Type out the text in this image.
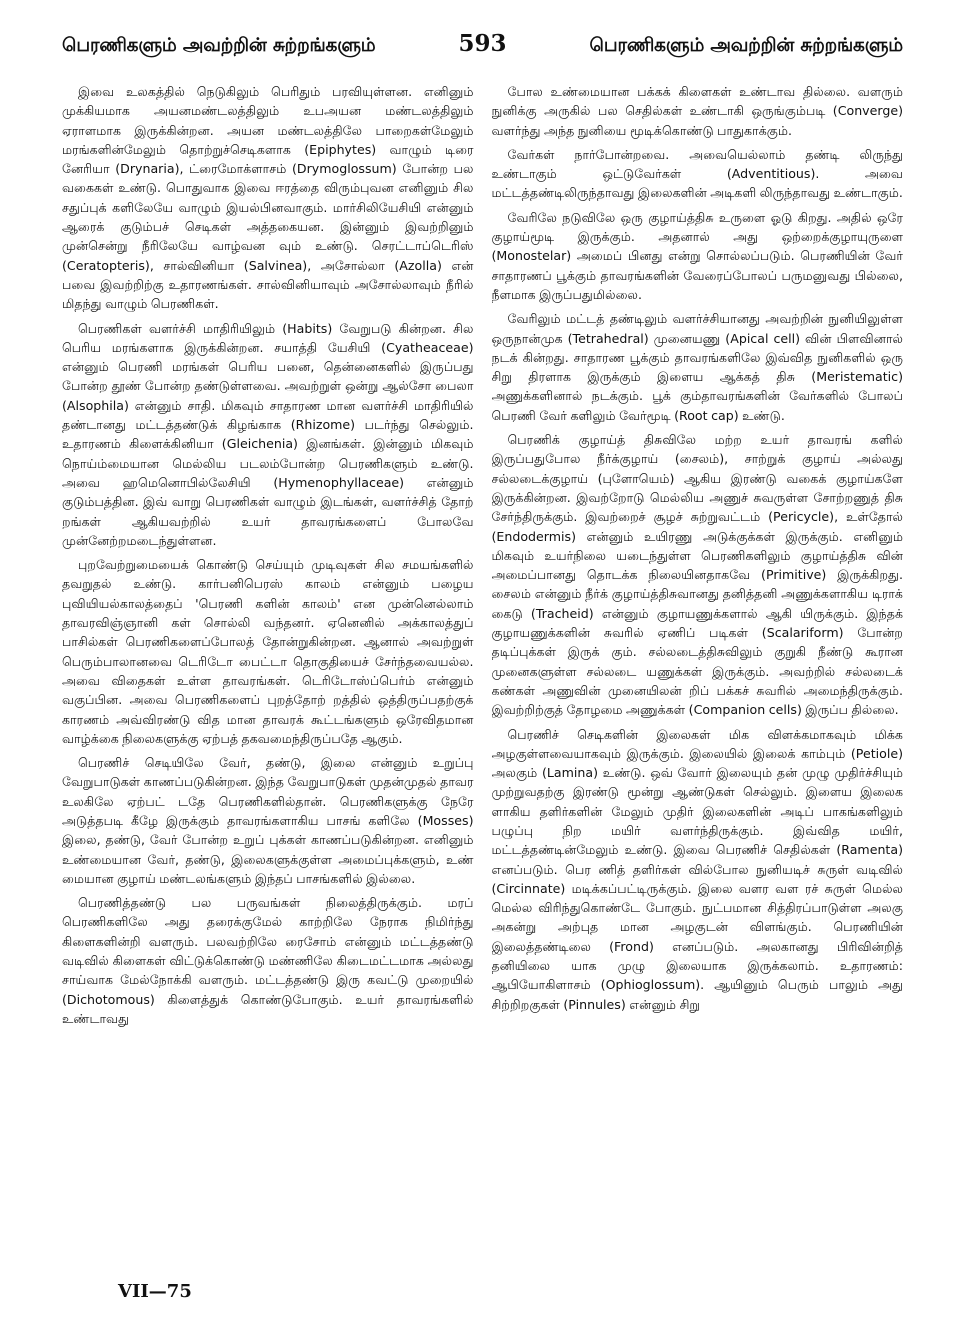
பெரணிகளும் அவற்றின் சுற்றங்களும்	593	பெரணிகளும் அவற்றின் சுற்றங்களும்

இவை உலகத்தில் நெடுகிலும் பெரிதும் பரவியுள்ளன. எனினும் முக்கியமாக அயனமண்டலத்திலும் உபஅயன மண்டலத்திலும் ஏராளமாக இருக்கின்றன. அயன மண்டலத்திலே பாறைகள்மேலும் மரங்களின்மேலும் தொற்றுச்செடிகளாக (Epiphytes) வாழும் டிரை னேரியா (Drynaria), ட்ரைமோக்ளாசம் (Drymoglossum) போன்ற பல வகைகள் உண்டு. பொதுவாக இவை ஈரத்தை விரும்புவன எனினும் சில சதுப்புக் களிலேயே வாழும் இயல்பினவாகும். மார்சிலியேசியி என்னும் ஆரைக் குடும்பச் செடிகள் அத்தகையன. இன்னும் இவற்றினும் முன்சென்று நீரிலேயே வாழ்வன வும் உண்டு. செரட்டாப்டெரிஸ் (Ceratopteris), சால்வினியா (Salvinea), அசோல்லா (Azolla) என் பவை இவற்றிற்கு உதாரணங்கள். சால்வினியாவும் அசோல்லாவும் நீரில் மிதந்து வாழும் பெரணிகள்.

பெரணிகள் வளர்ச்சி மாதிரியிலும் (Habits) வேறுபடு கின்றன. சில பெரிய மரங்களாக இருக்கின்றன. சயாத்தி யேசியி (Cyatheaceae) என்னும் பெரணி மரங்கள் பெரிய பனை, தென்னைகளில் இருப்பது போன்ற தூண் போன்ற தண்டுள்ளவை. அவற்றுள் ஒன்று ஆல்சோ பைலா (Alsophila) என்னும் சாதி. மிகவும் சாதாரண மான வளர்ச்சி மாதிரியில் தண்டானது மட்டத்தண்டுக் கிழங்காக (Rhizome) படர்ந்து செல்லும். உதாரணம் கிளைக்கினியா (Gleichenia) இனங்கள். இன்னும் மிகவும் நொய்ம்மையான மெல்லிய படலம்போன்ற பெரணிகளும் உண்டு. அவை ஹமெனொபில்லேசியி (Hymenophyllaceae) என்னும் குடும்பத்தின. இவ் வாறு பெரணிகள் வாழும் இடங்கள், வளர்ச்சித் தோற் றங்கள் ஆகியவற்றில் உயர் தாவரங்களைப் போலவே முன்னேற்றமடைந்துள்ளன.

புறவேற்றுமையைக் கொண்டு செய்யும் முடிவுகள் சில சமயங்களில் தவறுதல் உண்டு. கார்பனிபெரஸ் காலம் என்னும் பழைய புவியியல்காலத்தைப் 'பெரணி களின் காலம்' என முன்னெல்லாம் தாவரவிஞ்ஞானி கள் சொல்லி வந்தனர். ஏனெனில் அக்காலத்துப் பாசில்கள் பெரணிகளைப்போலத் தோன்றுகின்றன. ஆனால் அவற்றுள் பெரும்பாலானவை டெரிடோ பைட்டா தொகுதியைச் சேர்ந்தவையல்ல. அவை விதைகள் உள்ள தாவரங்கள். டெரிடோஸ்ப்பெர்ம் என்னும் வகுப்பின. அவை பெரணிகளைப் புறத்தோற் றத்தில் ஒத்திருப்பதற்குக் காரணம் அவ்விரண்டு வித மான தாவரக் கூட்டங்களும் ஒரேவிதமான வாழ்க்கை நிலைகளுக்கு ஏற்பத் தகவமைந்திருப்பதே ஆகும்.

பெரணிச் செடியிலே வேர், தண்டு, இலை என்னும் உறுப்பு வேறுபாடுகள் காணப்படுகின்றன. இந்த வேறுபாடுகள் முதன்முதல் தாவர உலகிலே ஏற்பட் டதே பெரணிகளில்தான். பெரணிகளுக்கு நேரே அடுத்தபடி கீழே இருக்கும் தாவரங்களாகிய பாசங் களிலே (Mosses) இலை, தண்டு, வேர் போன்ற உறுப் புக்கள் காணப்படுகின்றன. எனினும் உண்மையான வேர், தண்டு, இலைகளுக்குள்ள அமைப்புக்களும், உண் மையான குழாய் மண்டலங்களும் இந்தப் பாசங்களில் இல்லை.

பெரணித்தண்டு பல பருவங்கள் நிலைத்திருக்கும். மரப் பெரணிகளிலே அது தரைக்குமேல் காற்றிலே நேராக நிமிர்ந்து கிளைகளின்றி வளரும். பலவற்றிலே ரைசோம் என்னும் மட்டத்தண்டு வடிவில் கிளைகள் விட்டுக்கொண்டு மண்ணிலே கிடைமட்டமாக அல்லது சாய்வாக மேல்நோக்கி வளரும். மட்டத்தண்டு இரு கவட்டு முறையில் (Dichotomous) கிளைத்துக் கொண்டுபோகும். உயர் தாவரங்களில் உண்டாவது

போல உண்மையான பக்கக் கிளைகள் உண்டாவ தில்லை. வளரும் நுனிக்கு அருகில் பல செதில்கள் உண்டாகி ஒருங்கும்படி (Converge) வளர்ந்து அந்த நுனியை மூடிக்கொண்டு பாதுகாக்கும்.

வேர்கள் நார்போன்றவை. அவையெல்லாம் தண்டி லிருந்து உண்டாகும் ஒட்டுவேர்கள் (Adventitious). அவை மட்டத்தண்டிலிருந்தாவது இலைகளின் அடிகளி லிருந்தாவது உண்டாகும்.

வேரிலே நடுவிலே ஒரு குழாய்த்திசு உருளை ஓடு கிறது. அதில் ஒரே குழாய்மூடி இருக்கும். அதனால் அது ஒற்றைக்குழாயுருளை (Monostelar) அமைப் பினது என்று சொல்லப்படும். பெரணியின் வேர் சாதாரணப் பூக்கும் தாவரங்களின் வேரைப்போலப் பருமனுவது பில்லை, நீளமாக இருப்பதுமில்லை.

வேரிலும் மட்டத் தண்டிலும் வளர்ச்சியானது அவற்றின் நுனியிலுள்ள ஒருநான்முக (Tetrahedral) முனையணு (Apical cell) வின் பிளவினால் நடக் கின்றது. சாதாரண பூக்கும் தாவரங்களிலே இவ்வித நுனிகளில் ஒரு சிறு திரளாக இருக்கும் இளைய ஆக்கத் திசு (Meristematic) அணுக்களினால் நடக்கும். பூக் கும்தாவரங்களின் வேர்களில் போலப் பெரணி வேர் களிலும் வேர்மூடி (Root cap) உண்டு.

பெரணிக் குழாய்த் திசுவிலே மற்ற உயர் தாவரங் களில் இருப்பதுபோல நீர்க்குழாய் (சைலம்), சாற்றுக் குழாய் அல்லது சல்லடைக்குழாய் (புளோயெம்) ஆகிய இரண்டு வகைக் குழாய்களே இருக்கின்றன. இவற்றோடு மெல்லிய அணுச் சுவருள்ள சோற்றணுத் திசு சேர்ந்திருக்கும். இவற்றைச் சூழச் சுற்றுவட்டம் (Pericycle), உள்தோல் (Endodermis) என்னும் உயிரணு அடுக்குக்கள் இருக்கும். எனினும் மிகவும் உயர்நிலை யடைந்துள்ள பெரணிகளிலும் குழாய்த்திசு வின் அமைப்பானது தொடக்க நிலையினதாகவே (Primitive) இருக்கிறது. சைலம் என்னும் நீர்க் குழாய்த்திசுவானது தனித்தனி அணுக்களாகிய டிராக் கைடு (Tracheid) என்னும் குழாயணுக்களால் ஆகி யிருக்கும். இந்தக் குழாயணுக்களின் சுவரில் ஏணிப் படிகள் (Scalariform) போன்ற தடிப்புக்கள் இருக் கும். சல்லடைத்திசுவிலும் குறுகி நீண்டு கூரான முனைகளுள்ள சல்லடை யணுக்கள் இருக்கும். அவற்றில் சல்லடைக் கண்கள் அணுவின் முனையிலன் றிப் பக்கச் சுவரில் அமைந்திருக்கும். இவற்றிற்குத் தோழமை அணுக்கள் (Companion cells) இருப்ப தில்லை.

பெரணிச் செடிகளின் இலைகள் மிக விளக்கமாகவும் மிக்க அழகுள்ளவையாகவும் இருக்கும். இலையில் இலைக் காம்பும் (Petiole) அலகும் (Lamina) உண்டு. ஒவ் வோர் இலையும் தன் முழு முதிர்ச்சியும் முற்றுவதற்கு இரண்டு மூன்று ஆண்டுகள் செல்லும். இளைய இலைக ளாகிய தளிர்களின் மேலும் முதிர் இலைகளின் அடிப் பாகங்களிலும் பழுப்பு நிற மயிர் வளர்ந்திருக்கும். இவ்வித மயிர், மட்டத்தண்டின்மேலும் உண்டு. இவை பெரணிச் செதில்கள் (Ramenta) எனப்படும். பெர ணித் தளிர்கள் வில்போல நுனியடிச் சுருள் வடிவில் (Circinnate) மடிக்கப்பட்டிருக்கும். இலை வளர வள ரச் சுருள் மெல்ல மெல்ல விரிந்துகொண்டே போகும். நுட்பமான சித்திரப்பாடுள்ள அலகு அகன்று அற்புத மான அழகுடன் விளங்கும். பெரணியின் இலைத்தண்டிலை (Frond) எனப்படும். அலகானது பிரிவின்றித் தனியிலை யாக முழு இலையாக இருக்கலாம். உதாரணம்: ஆபியோகிளாசம் (Ophioglossum). ஆயினும் பெரும் பாலும் அது சிற்றிறகுகள் (Pinnules) என்னும் சிறு

VII—75
